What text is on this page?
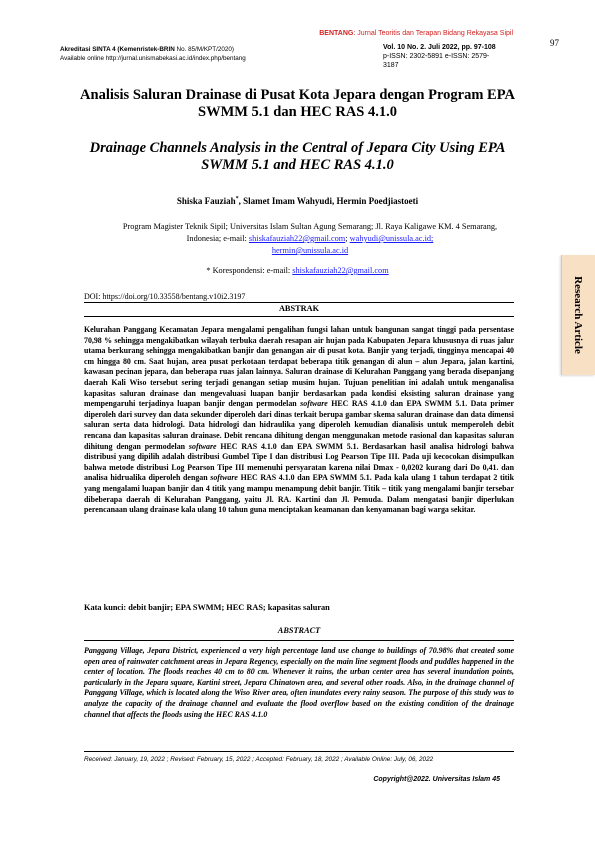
BENTANG: Jurnal Teoritis dan Terapan Bidang Rekayasa Sipil
Vol. 10 No. 2. Juli 2022, pp. 97-108
p-ISSN: 2302-5891 e-ISSN: 2579-3187
Akreditasi SINTA 4 (Kemenristek-BRIN No. 85/M/KPT/2020)
Available online http://jurnal.unismabekasi.ac.id/index.php/bentang
97
Analisis Saluran Drainase di Pusat Kota Jepara dengan Program EPA SWMM 5.1 dan HEC RAS 4.1.0
Drainage Channels Analysis in the Central of Jepara City Using EPA SWMM 5.1 and HEC RAS 4.1.0
Shiska Fauziah*, Slamet Imam Wahyudi, Hermin Poedjiastoeti
Program Magister Teknik Sipil; Universitas Islam Sultan Agung Semarang; Jl. Raya Kaligawe KM. 4 Semarang, Indonesia; e-mail: shiskafauziah22@gmail.com; wahyudi@unissula.ac.id;
hermin@unissula.ac.id
* Korespondensi: e-mail: shiskafauziah22@gmail.com
DOI: https://doi.org/10.33558/bentang.v10i2.3197
ABSTRAK
Kelurahan Panggang Kecamatan Jepara mengalami pengalihan fungsi lahan untuk bangunan sangat tinggi pada persentase 70,98 % sehingga mengakibatkan wilayah terbuka daerah resapan air hujan pada Kabupaten Jepara khususnya di ruas jalur utama berkurang sehingga mengakibatkan banjir dan genangan air di pusat kota. Banjir yang terjadi, tingginya mencapai 40 cm hingga 80 cm. Saat hujan, area pusat perkotaan terdapat beberapa titik genangan di alun – alun Jepara, jalan kartini, kawasan pecinan jepara, dan beberapa ruas jalan lainnya. Saluran drainase di Kelurahan Panggang yang berada disepanjang daerah Kali Wiso tersebut sering terjadi genangan setiap musim hujan. Tujuan penelitian ini adalah untuk menganalisa kapasitas saluran drainase dan mengevaluasi luapan banjir berdasarkan pada kondisi eksisting saluran drainase yang mempengaruhi terjadinya luapan banjir dengan permodelan software HEC RAS 4.1.0 dan EPA SWMM 5.1. Data primer diperoleh dari survey dan data sekunder diperoleh dari dinas terkait berupa gambar skema saluran drainase dan data dimensi saluran serta data hidrologi. Data hidrologi dan hidraulika yang diperoleh kemudian dianalisis untuk memperoleh debit rencana dan kapasitas saluran drainase. Debit rencana dihitung dengan menggunakan metode rasional dan kapasitas saluran dihitung dengan permodelan software HEC RAS 4.1.0 dan EPA SWMM 5.1. Berdasarkan hasil analisa hidrologi bahwa distribusi yang dipilih adalah distribusi Gumbel Tipe I dan distribusi Log Pearson Tipe III. Pada uji kecocokan disimpulkan bahwa metode distribusi Log Pearson Tipe III memenuhi persyaratan karena nilai Dmax - 0,0202 kurang dari Do 0,41. dan analisa hidrualika diperoleh dengan software HEC RAS 4.1.0 dan EPA SWMM 5.1. Pada kala ulang 1 tahun terdapat 2 titik yang mengalami luapan banjir dan 4 titik yang mampu menampung debit banjir. Titik – titik yang mengalami banjir tersebar dibeberapa daerah di Kelurahan Panggang, yaitu Jl. RA. Kartini dan Jl. Pemuda. Dalam mengatasi banjir diperlukan perencanaan ulang drainase kala ulang 10 tahun guna menciptakan keamanan dan kenyamanan bagi warga sekitar.
Kata kunci: debit banjir; EPA SWMM; HEC RAS; kapasitas saluran
ABSTRACT
Panggang Village, Jepara District, experienced a very high percentage land use change to buildings of 70.98% that created some open area of rainwater catchment areas in Jepara Regency, especially on the main line segment floods and puddles happened in the center of location. The floods reaches 40 cm to 80 cm. Whenever it rains, the urban center area has several inundation points, particularly in the Jepara square, Kartini street, Jepara Chinatown area, and several other roads. Also, in the drainage channel of Panggang Village, which is located along the Wiso River area, often inundates every rainy season. The purpose of this study was to analyze the capacity of the drainage channel and evaluate the flood overflow based on the existing condition of the drainage channel that affects the floods using the HEC RAS 4.1.0
Received: January, 19, 2022 ; Revised: February, 15, 2022 ; Accepted: February, 18, 2022 ; Available Online: July, 06, 2022
Copyright@2022. Universitas Islam 45
Research Article
